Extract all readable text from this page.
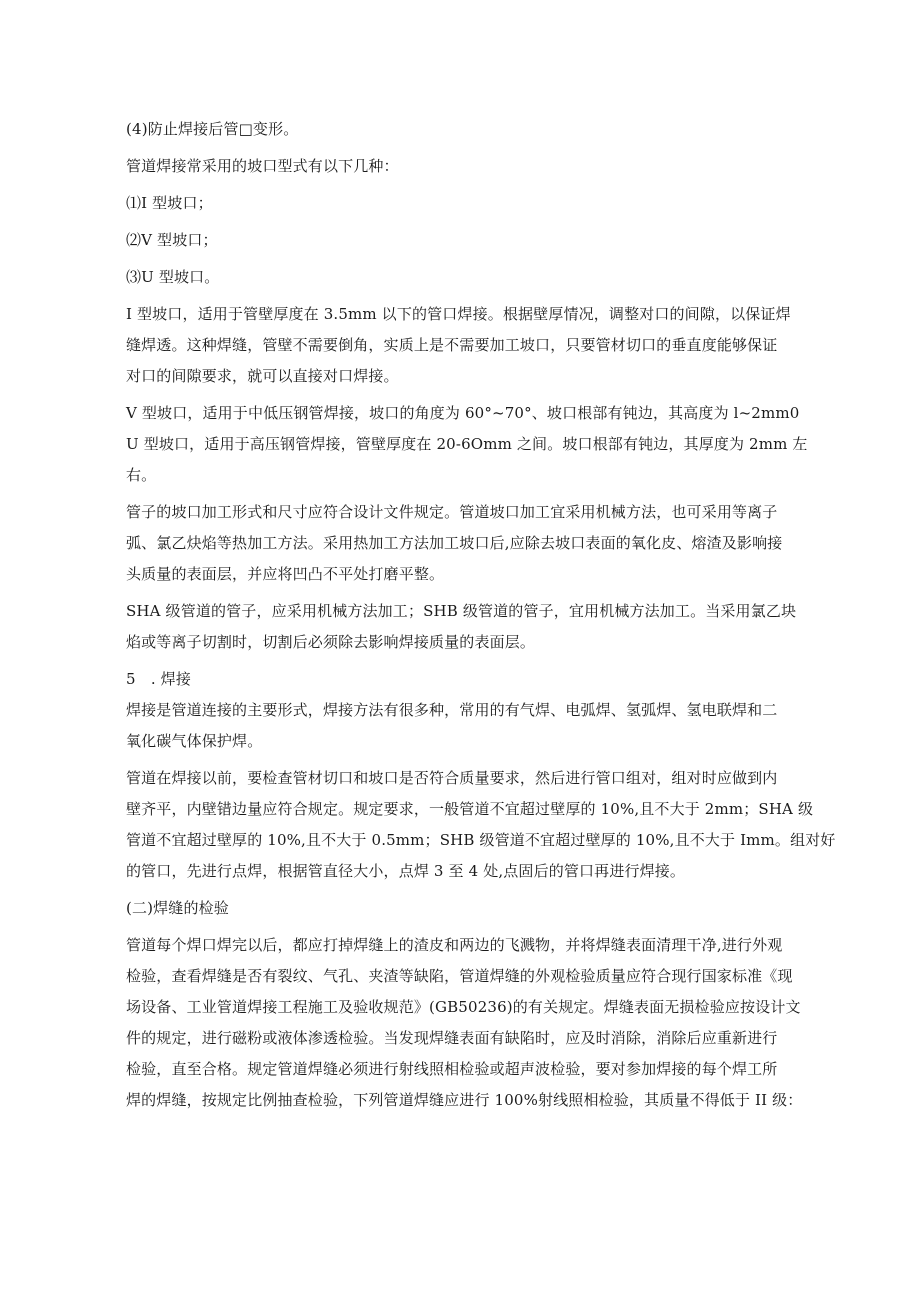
(4)防止焊接后管□变形。

管道焊接常采用的坡口型式有以下几种：

⑴I 型坡口；

⑵V 型坡口；

⑶U 型坡口。

I 型坡口，适用于管壁厚度在 3.5mm 以下的管口焊接。根据壁厚情况，调整对口的间隙，以保证焊

缝焊透。这种焊缝，管壁不需要倒角，实质上是不需要加工坡口，只要管材切口的垂直度能够保证

对口的间隙要求，就可以直接对口焊接。

V 型坡口，适用于中低压钢管焊接，坡口的角度为 60°~70°、坡口根部有钝边，其高度为 l~2mm0

U 型坡口，适用于高压钢管焊接，管壁厚度在 20-6Omm 之间。坡口根部有钝边，其厚度为 2mm 左

右。

管子的坡口加工形式和尺寸应符合设计文件规定。管道坡口加工宜采用机械方法，也可采用等离子

弧、氯乙炔焰等热加工方法。采用热加工方法加工坡口后,应除去坡口表面的氧化皮、熔渣及影响接

头质量的表面层，并应将凹凸不平处打磨平整。

SHA 级管道的管子，应采用机械方法加工；SHB 级管道的管子，宜用机械方法加工。当采用氯乙块

焰或等离子切割时，切割后必须除去影响焊接质量的表面层。

5　. 焊接

焊接是管道连接的主要形式，焊接方法有很多种，常用的有气焊、电弧焊、氢弧焊、氢电联焊和二

氧化碳气体保护焊。

管道在焊接以前，要检查管材切口和坡口是否符合质量要求，然后进行管口组对，组对时应做到内

壁齐平，内壁错边量应符合规定。规定要求，一般管道不宜超过壁厚的 10%,且不大于 2mm；SHA 级

管道不宜超过壁厚的 10%,且不大于 0.5mm；SHB 级管道不宜超过壁厚的 10%,且不大于 Imm。组对好

的管口，先进行点焊，根据管直径大小，点焊 3 至 4 处,点固后的管口再进行焊接。

(二)焊缝的检验

管道每个焊口焊完以后，都应打掉焊缝上的渣皮和两边的飞溅物，并将焊缝表面清理干净,进行外观

检验，查看焊缝是否有裂纹、气孔、夹渣等缺陷，管道焊缝的外观检验质量应符合现行国家标准《现

场设备、工业管道焊接工程施工及验收规范》(GB50236)的有关规定。焊缝表面无损检验应按设计文

件的规定，进行磁粉或液体渗透检验。当发现焊缝表面有缺陷时，应及时消除，消除后应重新进行

检验，直至合格。规定管道焊缝必须进行射线照相检验或超声波检验，要对参加焊接的每个焊工所

焊的焊缝，按规定比例抽查检验，下列管道焊缝应进行 100%射线照相检验，其质量不得低于 II 级：
